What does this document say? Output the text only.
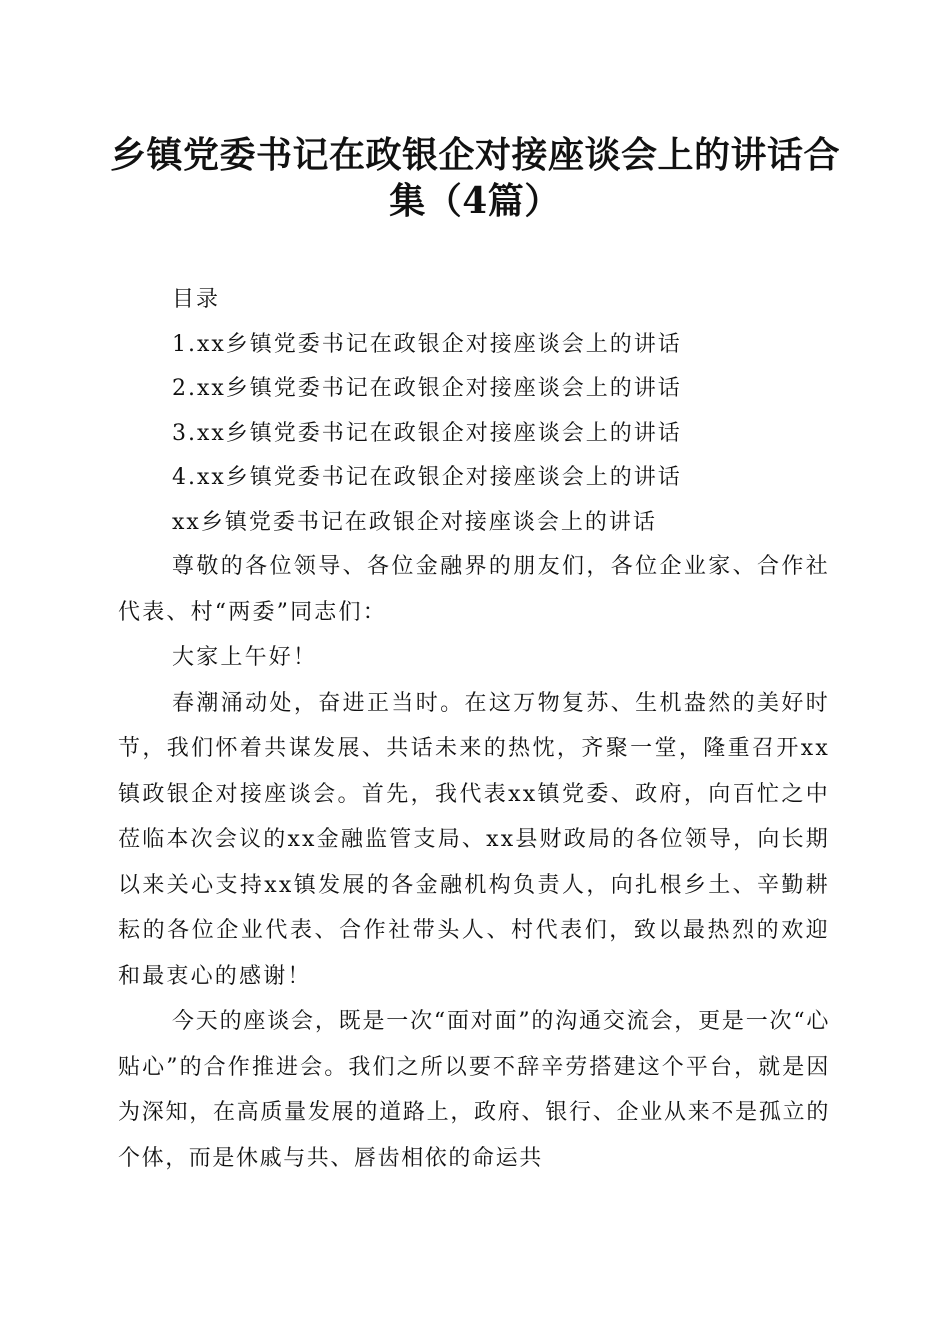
乡镇党委书记在政银企对接座谈会上的讲话合
集（4篇）
目录
1.xx乡镇党委书记在政银企对接座谈会上的讲话
2.xx乡镇党委书记在政银企对接座谈会上的讲话
3.xx乡镇党委书记在政银企对接座谈会上的讲话
4.xx乡镇党委书记在政银企对接座谈会上的讲话
xx乡镇党委书记在政银企对接座谈会上的讲话

尊敬的各位领导、各位金融界的朋友们，各位企业家、合作社代表、村“两委”同志们：

大家上午好！

春潮涌动处，奋进正当时。在这万物复苏、生机盎然的美好时节，我们怀着共谋发展、共话未来的热忱，齐聚一堂，隆重召开xx镇政银企对接座谈会。首先，我代表xx镇党委、政府，向百忙之中莅临本次会议的xx金融监管支局、xx县财政局的各位领导，向长期以来关心支持xx镇发展的各金融机构负责人，向扎根乡土、辛勤耕耘的各位企业代表、合作社带头人、村代表们，致以最热烈的欢迎和最衷心的感谢！

今天的座谈会，既是一次“面对面”的沟通交流会，更是一次“心贴心”的合作推进会。我们之所以要不辞辛劳搭建这个平台，就是因为深知，在高质量发展的道路上，政府、银行、企业从来不是孤立的个体，而是休戚与共、唇齿相依的命运共
